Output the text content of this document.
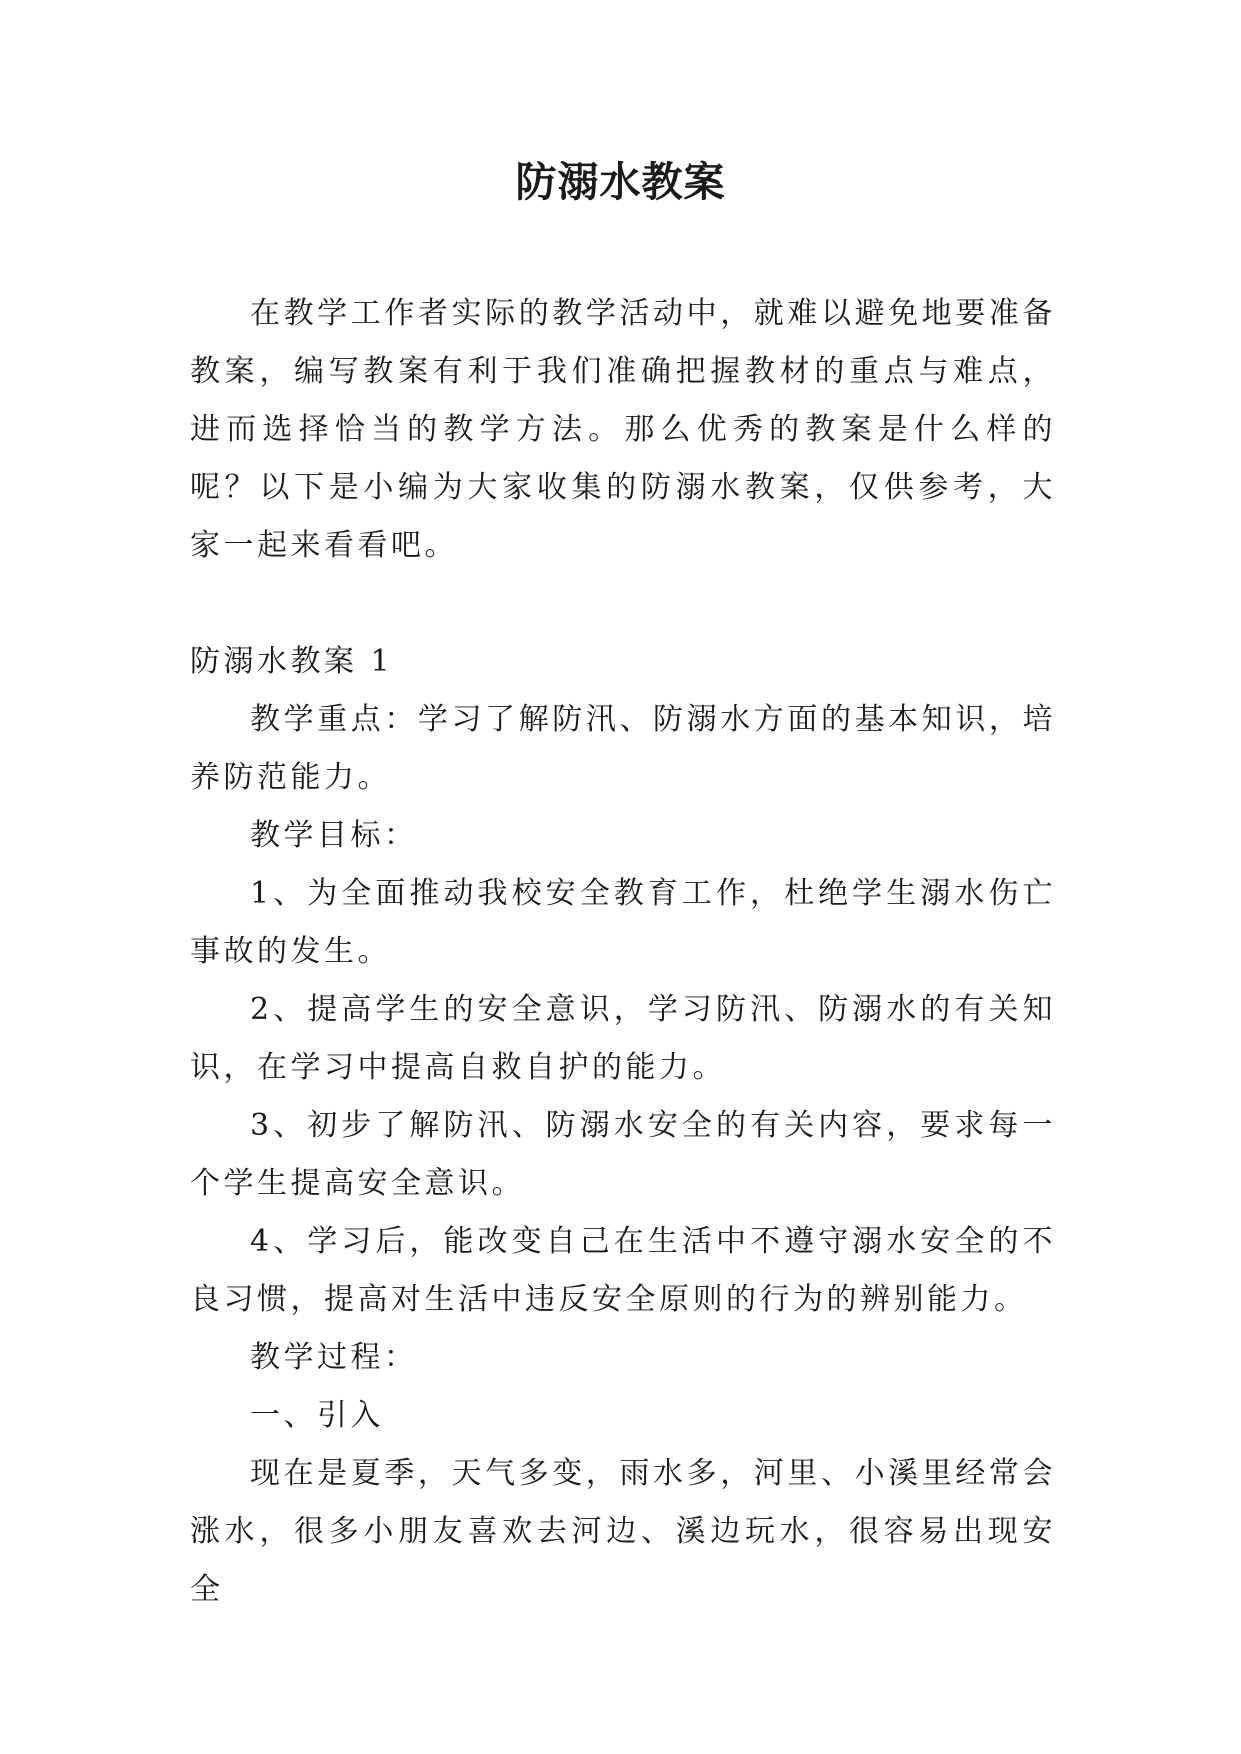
防溺水教案

在教学工作者实际的教学活动中，就难以避免地要准备教案，编写教案有利于我们准确把握教材的重点与难点，进而选择恰当的教学方法。那么优秀的教案是什么样的呢？以下是小编为大家收集的防溺水教案，仅供参考，大家一起来看看吧。

防溺水教案 1

教学重点：学习了解防汛、防溺水方面的基本知识，培养防范能力。

教学目标：

1、为全面推动我校安全教育工作，杜绝学生溺水伤亡事故的发生。

2、提高学生的安全意识，学习防汛、防溺水的有关知识，在学习中提高自救自护的能力。

3、初步了解防汛、防溺水安全的有关内容，要求每一个学生提高安全意识。

4、学习后，能改变自己在生活中不遵守溺水安全的不良习惯，提高对生活中违反安全原则的行为的辨别能力。

教学过程：

一、引入

现在是夏季，天气多变，雨水多，河里、小溪里经常会涨水，很多小朋友喜欢去河边、溪边玩水，很容易出现安全
